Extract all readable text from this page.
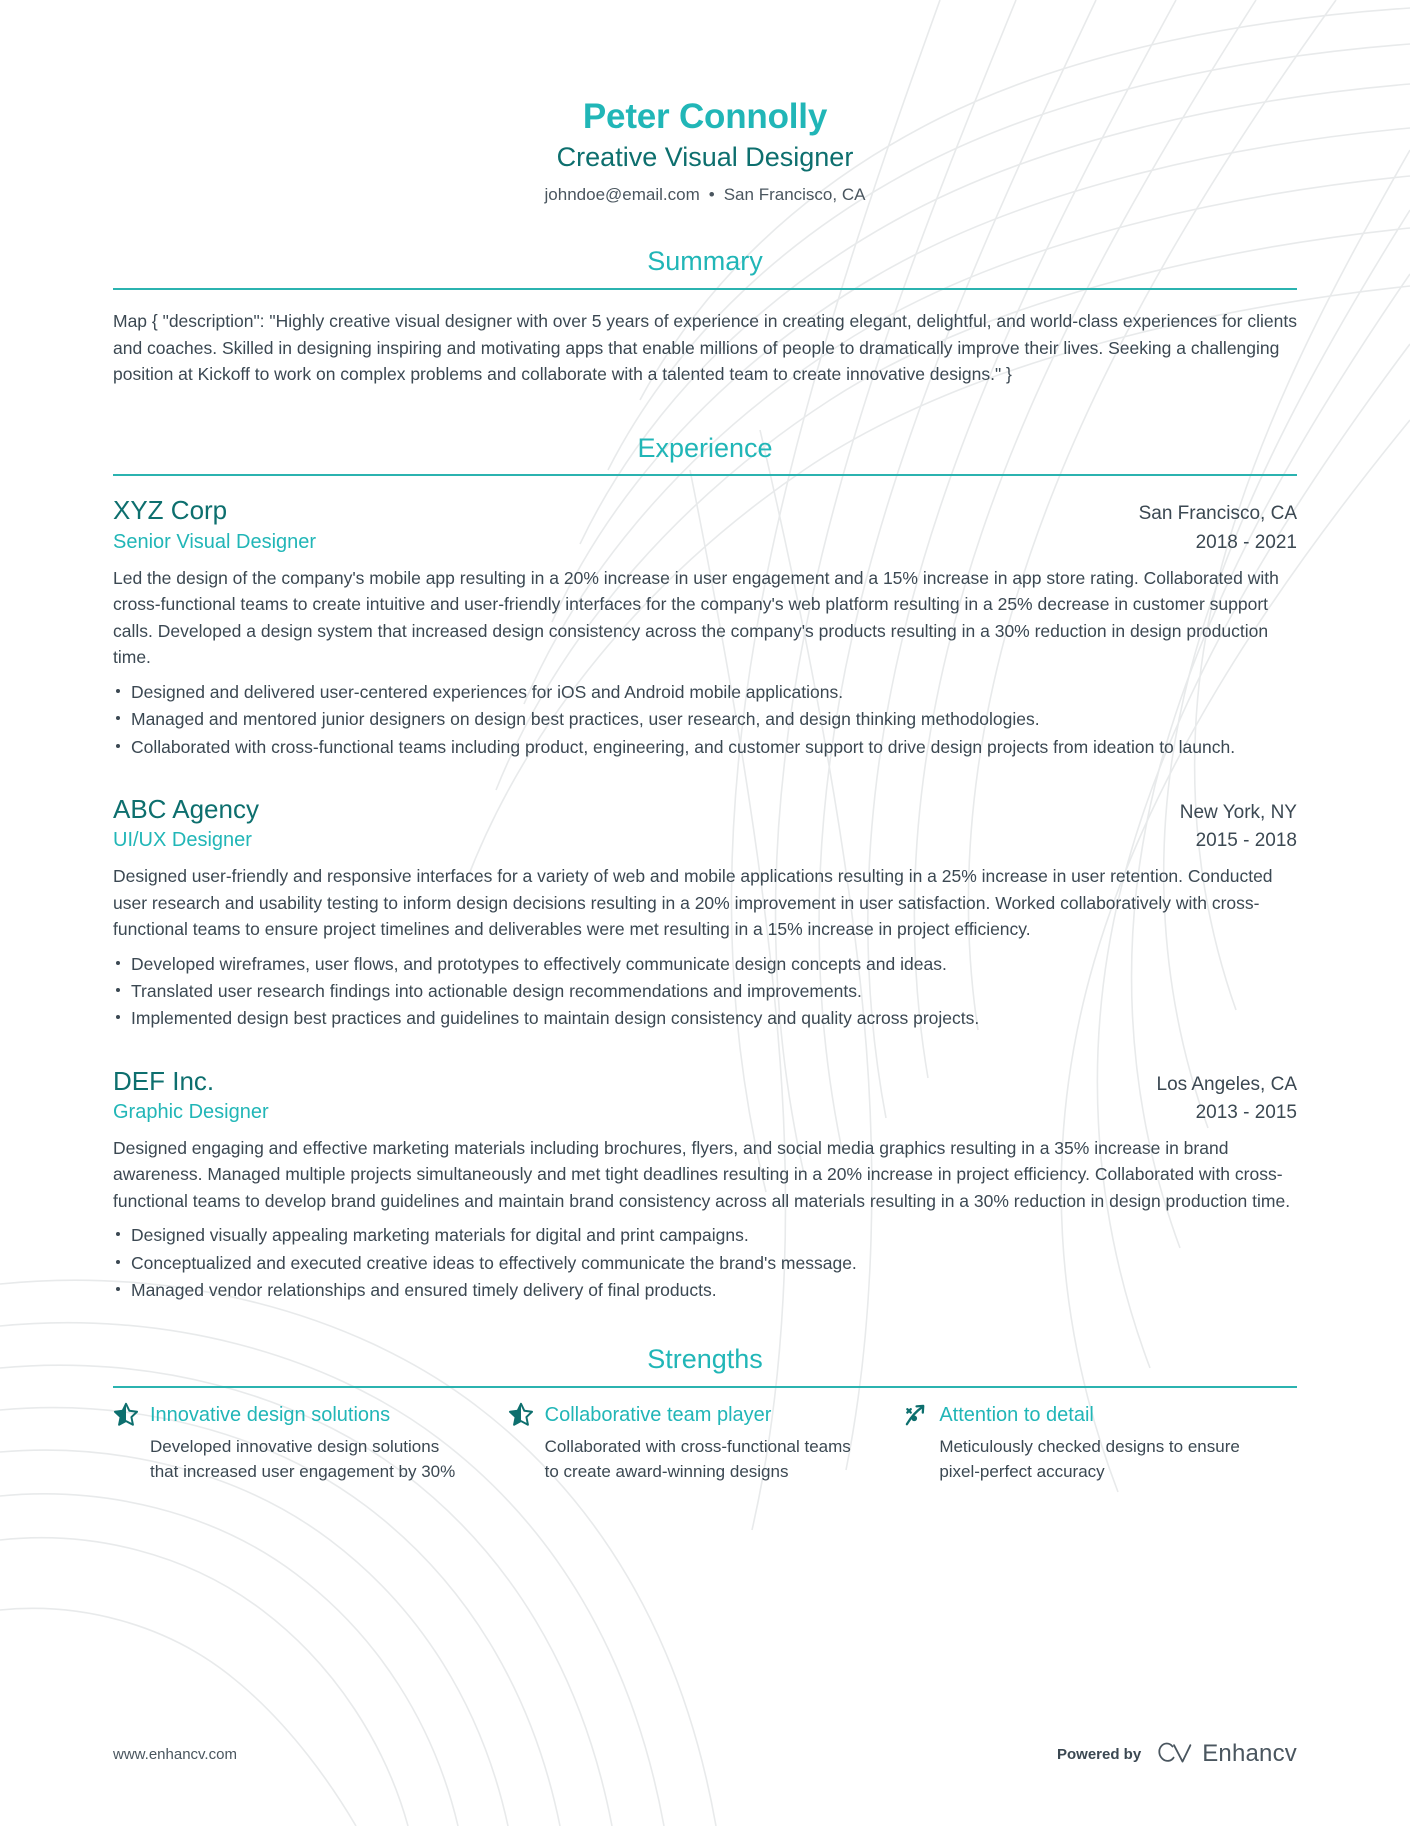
Peter Connolly
Creative Visual Designer
johndoe@email.com • San Francisco, CA
Summary

Map { "description": "Highly creative visual designer with over 5 years of experience in creating elegant, delightful, and world-class experiences for clients and coaches. Skilled in designing inspiring and motivating apps that enable millions of people to dramatically improve their lives. Seeking a challenging position at Kickoff to work on complex problems and collaborate with a talented team to create innovative designs." }

Experience
XYZ Corp	San Francisco, CA
Senior Visual Designer	2018 - 2021

Led the design of the company's mobile app resulting in a 20% increase in user engagement and a 15% increase in app store rating. Collaborated with cross-functional teams to create intuitive and user-friendly interfaces for the company's web platform resulting in a 25% decrease in customer support calls. Developed a design system that increased design consistency across the company's products resulting in a 30% reduction in design production time.

Designed and delivered user-centered experiences for iOS and Android mobile applications.
Managed and mentored junior designers on design best practices, user research, and design thinking methodologies.
Collaborated with cross-functional teams including product, engineering, and customer support to drive design projects from ideation to launch.
ABC Agency	New York, NY
UI/UX Designer	2015 - 2018

Designed user-friendly and responsive interfaces for a variety of web and mobile applications resulting in a 25% increase in user retention. Conducted user research and usability testing to inform design decisions resulting in a 20% improvement in user satisfaction. Worked collaboratively with cross-functional teams to ensure project timelines and deliverables were met resulting in a 15% increase in project efficiency.

Developed wireframes, user flows, and prototypes to effectively communicate design concepts and ideas.
Translated user research findings into actionable design recommendations and improvements.
Implemented design best practices and guidelines to maintain design consistency and quality across projects.
DEF Inc.	Los Angeles, CA
Graphic Designer	2013 - 2015

Designed engaging and effective marketing materials including brochures, flyers, and social media graphics resulting in a 35% increase in brand awareness. Managed multiple projects simultaneously and met tight deadlines resulting in a 20% increase in project efficiency. Collaborated with cross-functional teams to develop brand guidelines and maintain brand consistency across all materials resulting in a 30% reduction in design production time.

Designed visually appealing marketing materials for digital and print campaigns.
Conceptualized and executed creative ideas to effectively communicate the brand's message.
Managed vendor relationships and ensured timely delivery of final products.
Strengths
Innovative design solutions
Developed innovative design solutions that increased user engagement by 30%
Collaborative team player
Collaborated with cross-functional teams to create award-winning designs
Attention to detail
Meticulously checked designs to ensure pixel-perfect accuracy
www.enhancv.com	Powered by	Enhancv
